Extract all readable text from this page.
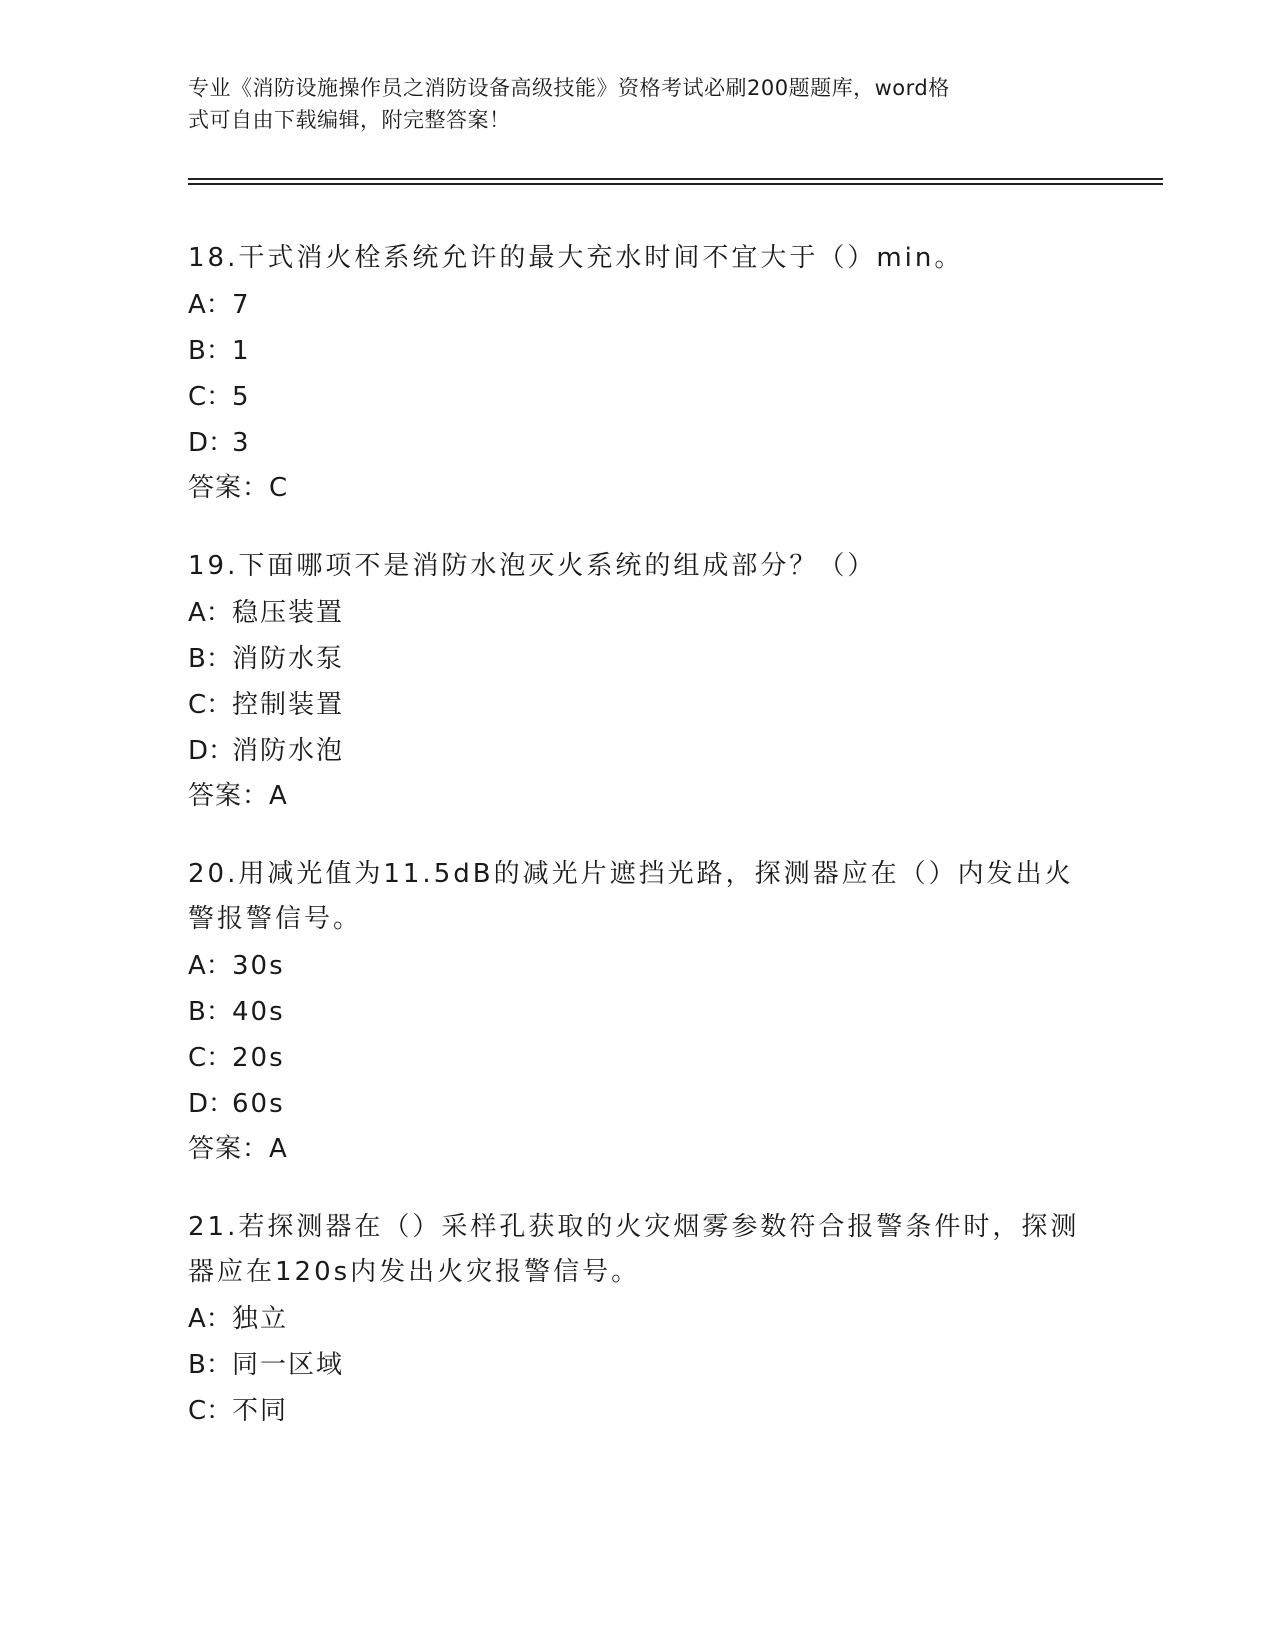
专业《消防设施操作员之消防设备高级技能》资格考试必刷200题题库，word格
式可自由下载编辑，附完整答案！
18.干式消火栓系统允许的最大充水时间不宜大于（）min。
A：7
B：1
C：5
D：3
答案：C
19.下面哪项不是消防水泡灭火系统的组成部分？（）
A：稳压装置
B：消防水泵
C：控制装置
D：消防水泡
答案：A
20.用减光值为11.5dB的减光片遮挡光路，探测器应在（）内发出火警报警信号。
A：30s
B：40s
C：20s
D：60s
答案：A
21.若探测器在（）采样孔获取的火灾烟雾参数符合报警条件时，探测器应在120s内发出火灾报警信号。
A：独立
B：同一区域
C：不同
